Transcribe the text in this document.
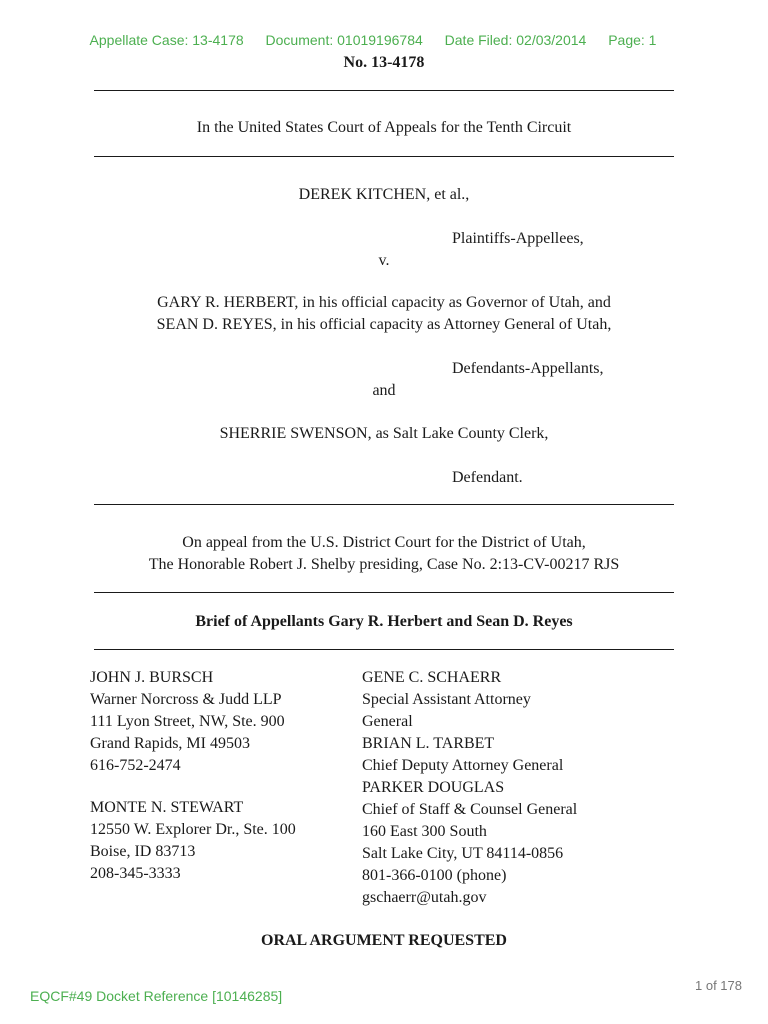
Appellate Case: 13-4178 Document: 01019196784 Date Filed: 02/03/2014 Page: 1
No. 13-4178
In the United States Court of Appeals for the Tenth Circuit
DEREK KITCHEN, et al.,
Plaintiffs-Appellees,
v.
GARY R. HERBERT, in his official capacity as Governor of Utah, and
SEAN D. REYES, in his official capacity as Attorney General of Utah,
Defendants-Appellants,
and
SHERRIE SWENSON, as Salt Lake County Clerk,
Defendant.
On appeal from the U.S. District Court for the District of Utah,
The Honorable Robert J. Shelby presiding, Case No. 2:13-CV-00217 RJS
Brief of Appellants Gary R. Herbert and Sean D. Reyes
JOHN J. BURSCH
Warner Norcross & Judd LLP
111 Lyon Street, NW, Ste. 900
Grand Rapids, MI 49503
616-752-2474
MONTE N. STEWART
12550 W. Explorer Dr., Ste. 100
Boise, ID 83713
208-345-3333
GENE C. SCHAERR
Special Assistant Attorney
General
BRIAN L. TARBET
Chief Deputy Attorney General
PARKER DOUGLAS
Chief of Staff & Counsel General
160 East 300 South
Salt Lake City, UT 84114-0856
801-366-0100 (phone)
gschaerr@utah.gov
ORAL ARGUMENT REQUESTED
EQCF#49 Docket Reference [10146285]
1 of 178
